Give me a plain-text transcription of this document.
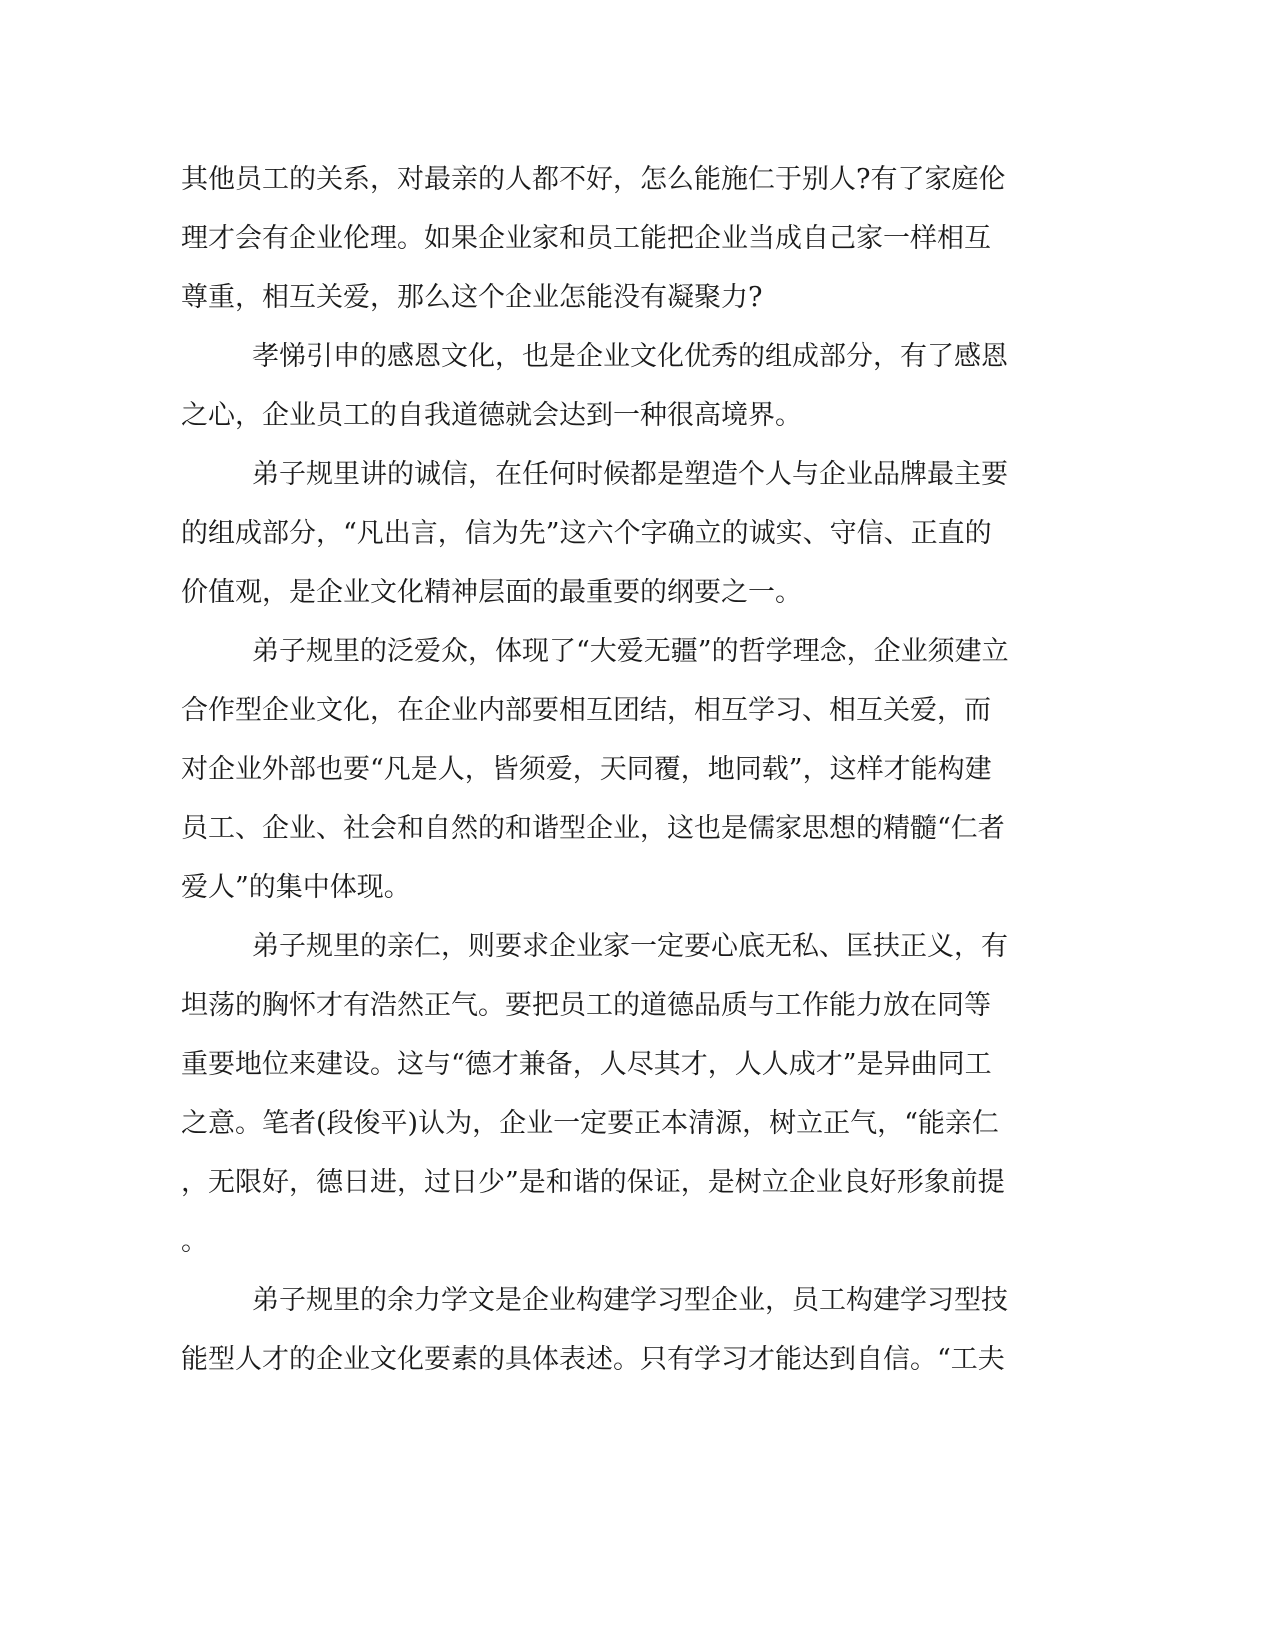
其他员工的关系，对最亲的人都不好，怎么能施仁于别人?有了家庭伦
理才会有企业伦理。如果企业家和员工能把企业当成自己家一样相互
尊重，相互关爱，那么这个企业怎能没有凝聚力?
孝悌引申的感恩文化，也是企业文化优秀的组成部分，有了感恩
之心，企业员工的自我道德就会达到一种很高境界。
弟子规里讲的诚信，在任何时候都是塑造个人与企业品牌最主要
的组成部分，“凡出言，信为先”这六个字确立的诚实、守信、正直的
价值观，是企业文化精神层面的最重要的纲要之一。
弟子规里的泛爱众，体现了“大爱无疆”的哲学理念，企业须建立
合作型企业文化，在企业内部要相互团结，相互学习、相互关爱，而
对企业外部也要“凡是人，皆须爱，天同覆，地同载”，这样才能构建
员工、企业、社会和自然的和谐型企业，这也是儒家思想的精髓“仁者
爱人”的集中体现。
弟子规里的亲仁，则要求企业家一定要心底无私、匡扶正义，有
坦荡的胸怀才有浩然正气。要把员工的道德品质与工作能力放在同等
重要地位来建设。这与“德才兼备，人尽其才，人人成才”是异曲同工
之意。笔者(段俊平)认为，企业一定要正本清源，树立正气，“能亲仁
，无限好，德日进，过日少”是和谐的保证，是树立企业良好形象前提
。
弟子规里的余力学文是企业构建学习型企业，员工构建学习型技
能型人才的企业文化要素的具体表述。只有学习才能达到自信。“工夫
